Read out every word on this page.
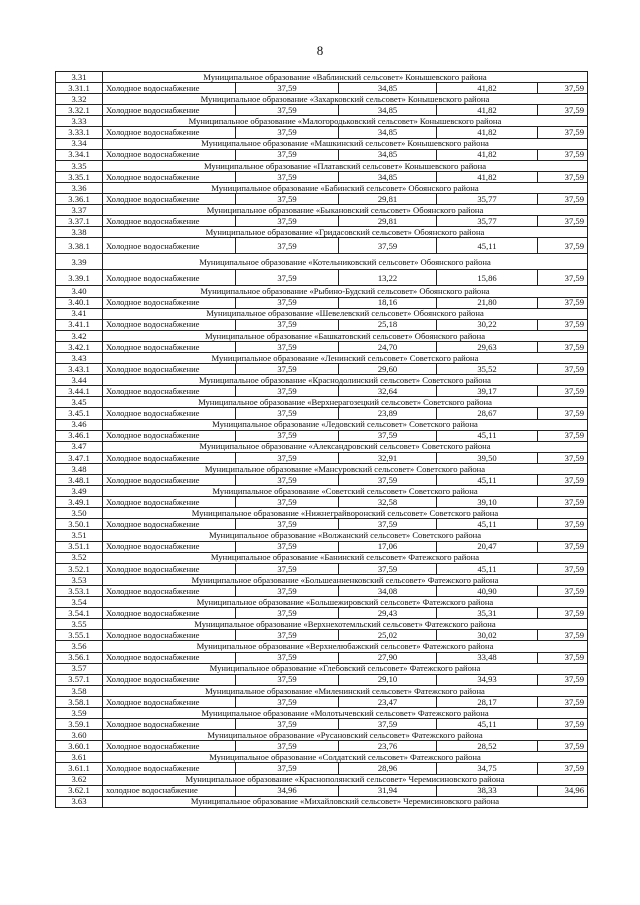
8
3.31	Муниципальное образование «Ваблинский сельсовет» Конышевского района				
3.31.1	Холодное водоснабжение	37,59	34,85	41,82	37,59
3.32	Муниципальное образование «Захарковский сельсовет» Конышевского района				
3.32.1	Холодное водоснабжение	37,59	34,85	41,82	37,59
3.33	Муниципальное образование «Малогородьковский сельсовет» Конышевского района				
3.33.1	Холодное водоснабжение	37,59	34,85	41,82	37,59
3.34	Муниципальное образование «Машкинский сельсовет» Конышевского района				
3.34.1	Холодное водоснабжение	37,59	34,85	41,82	37,59
3.35	Муниципальное образование «Платавский сельсовет» Конышевского района				
3.35.1	Холодное водоснабжение	37,59	34,85	41,82	37,59
3.36	Муниципальное образование «Бабинский сельсовет» Обоянского района				
3.36.1	Холодное водоснабжение	37,59	29,81	35,77	37,59
3.37	Муниципальное образование «Быкановский сельсовет» Обоянского района				
3.37.1	Холодное водоснабжение	37,59	29,81	35,77	37,59
3.38	Муниципальное образование «Гридасовский сельсовет» Обоянского района				
3.38.1	Холодное водоснабжение	37,59	37,59	45,11	37,59
3.39	Муниципальное образование «Котельниковский сельсовет» Обоянского района				
3.39.1	Холодное водоснабжение	37,59	13,22	15,86	37,59
3.40	Муниципальное образование «Рыбино-Будский сельсовет» Обоянского района				
3.40.1	Холодное водоснабжение	37,59	18,16	21,80	37,59
3.41	Муниципальное образование «Шевелевский сельсовет» Обоянского района				
3.41.1	Холодное водоснабжение	37,59	25,18	30,22	37,59
3.42	Муниципальное образование «Башкатовский сельсовет» Обоянского района				
3.42.1	Холодное водоснабжение	37,59	24,70	29,63	37,59
3.43	Муниципальное образование «Ленинский сельсовет» Советского района				
3.43.1	Холодное водоснабжение	37,59	29,60	35,52	37,59
3.44	Муниципальное образование «Краснодолинский сельсовет» Советского района				
3.44.1	Холодное водоснабжение	37,59	32,64	39,17	37,59
3.45	Муниципальное образование «Верхнерагозецкий сельсовет» Советского района				
3.45.1	Холодное водоснабжение	37,59	23,89	28,67	37,59
3.46	Муниципальное образование «Ледовский сельсовет» Советского района				
3.46.1	Холодное водоснабжение	37,59	37,59	45,11	37,59
3.47	Муниципальное образование «Александровский сельсовет» Советского района				
3.47.1	Холодное водоснабжение	37,59	32,91	39,50	37,59
3.48	Муниципальное образование «Мансуровский сельсовет» Советского района				
3.48.1	Холодное водоснабжение	37,59	37,59	45,11	37,59
3.49	Муниципальное образование «Советский сельсовет» Советского района				
3.49.1	Холодное водоснабжение	37,59	32,58	39,10	37,59
3.50	Муниципальное образование «Нижнеграйворонский сельсовет» Советского района				
3.50.1	Холодное водоснабжение	37,59	37,59	45,11	37,59
3.51	Муниципальное образование «Волжанский сельсовет» Советского района				
3.51.1	Холодное водоснабжение	37,59	17,06	20,47	37,59
3.52	Муниципальное образование «Банинский сельсовет» Фатежского района				
3.52.1	Холодное водоснабжение	37,59	37,59	45,11	37,59
3.53	Муниципальное образование «Большеанненковский сельсовет» Фатежского района				
3.53.1	Холодное водоснабжение	37,59	34,08	40,90	37,59
3.54	Муниципальное образование «Большежировский сельсовет» Фатежского района				
3.54.1	Холодное водоснабжение	37,59	29,43	35,31	37,59
3.55	Муниципальное образование «Верхнехотемльский сельсовет» Фатежского района				
3.55.1	Холодное водоснабжение	37,59	25,02	30,02	37,59
3.56	Муниципальное образование «Верхнелюбажский сельсовет» Фатежского района				
3.56.1	Холодное водоснабжение	37,59	27,90	33,48	37,59
3.57	Муниципальное образование «Глебовский сельсовет» Фатежского района				
3.57.1	Холодное водоснабжение	37,59	29,10	34,93	37,59
3.58	Муниципальное образование «Миленинский сельсовет» Фатежского района				
3.58.1	Холодное водоснабжение	37,59	23,47	28,17	37,59
3.59	Муниципальное образование «Молотычевский сельсовет» Фатежского района				
3.59.1	Холодное водоснабжение	37,59	37,59	45,11	37,59
3.60	Муниципальное образование «Русановский сельсовет» Фатежского района				
3.60.1	Холодное водоснабжение	37,59	23,76	28,52	37,59
3.61	Муниципальное образование «Солдатский сельсовет» Фатежского района				
3.61.1	Холодное водоснабжение	37,59	28,96	34,75	37,59
3.62	Муниципальное образование «Краснополянский сельсовет» Черемисиновского района				
3.62.1	холодное водоснабжение	34,96	31,94	38,33	34,96
3.63	Муниципальное образование «Михайловский сельсовет» Черемисиновского района				
